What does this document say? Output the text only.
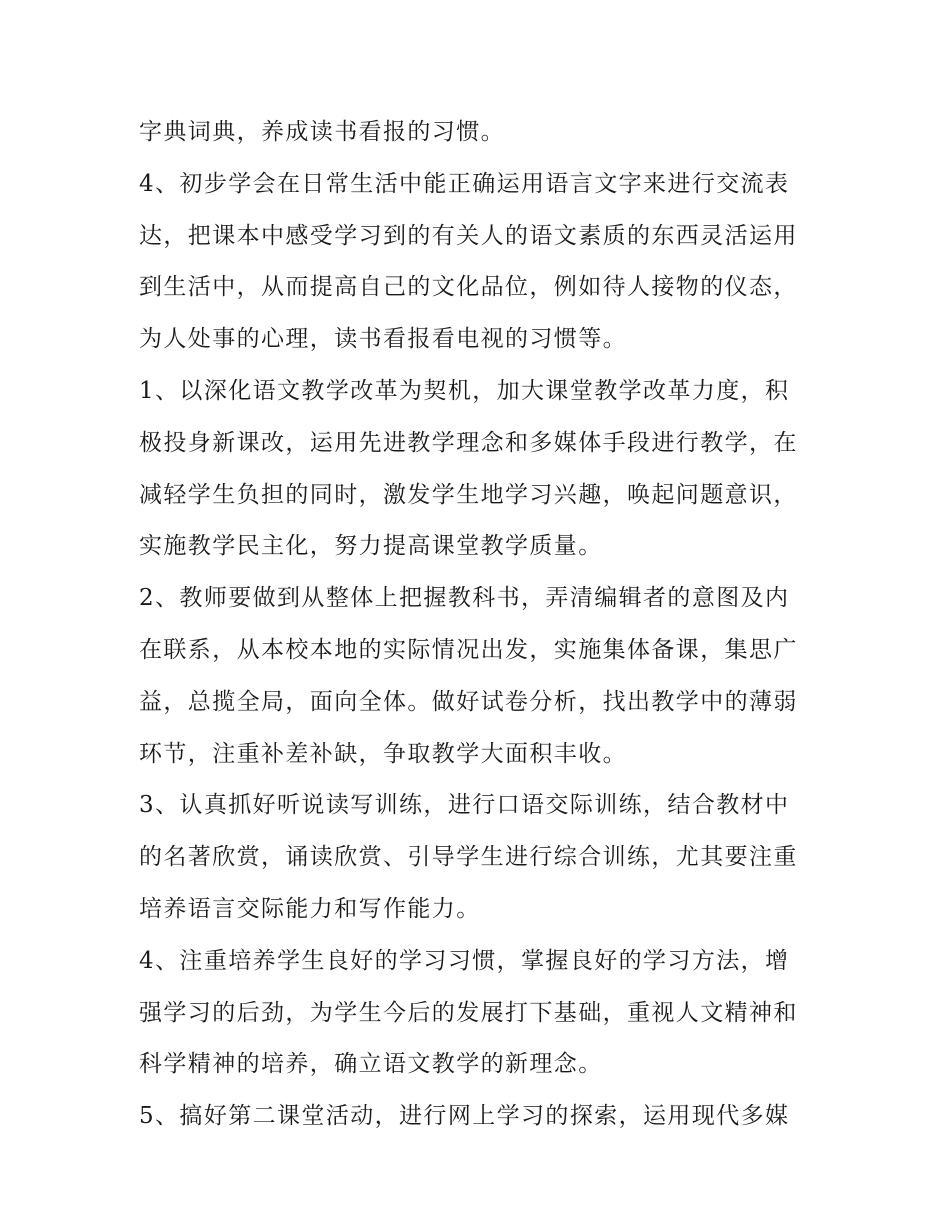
字典词典，养成读书看报的习惯。
4、初步学会在日常生活中能正确运用语言文字来进行交流表
达，把课本中感受学习到的有关人的语文素质的东西灵活运用
到生活中，从而提高自己的文化品位，例如待人接物的仪态，
为人处事的心理，读书看报看电视的习惯等。
1、以深化语文教学改革为契机，加大课堂教学改革力度，积
极投身新课改，运用先进教学理念和多媒体手段进行教学，在
减轻学生负担的同时，激发学生地学习兴趣，唤起问题意识，
实施教学民主化，努力提高课堂教学质量。
2、教师要做到从整体上把握教科书，弄清编辑者的意图及内
在联系，从本校本地的实际情况出发，实施集体备课，集思广
益，总揽全局，面向全体。做好试卷分析，找出教学中的薄弱
环节，注重补差补缺，争取教学大面积丰收。
3、认真抓好听说读写训练，进行口语交际训练，结合教材中
的名著欣赏，诵读欣赏、引导学生进行综合训练，尤其要注重
培养语言交际能力和写作能力。
4、注重培养学生良好的学习习惯，掌握良好的学习方法，增
强学习的后劲，为学生今后的发展打下基础，重视人文精神和
科学精神的培养，确立语文教学的新理念。
5、搞好第二课堂活动，进行网上学习的探索，运用现代多媒
